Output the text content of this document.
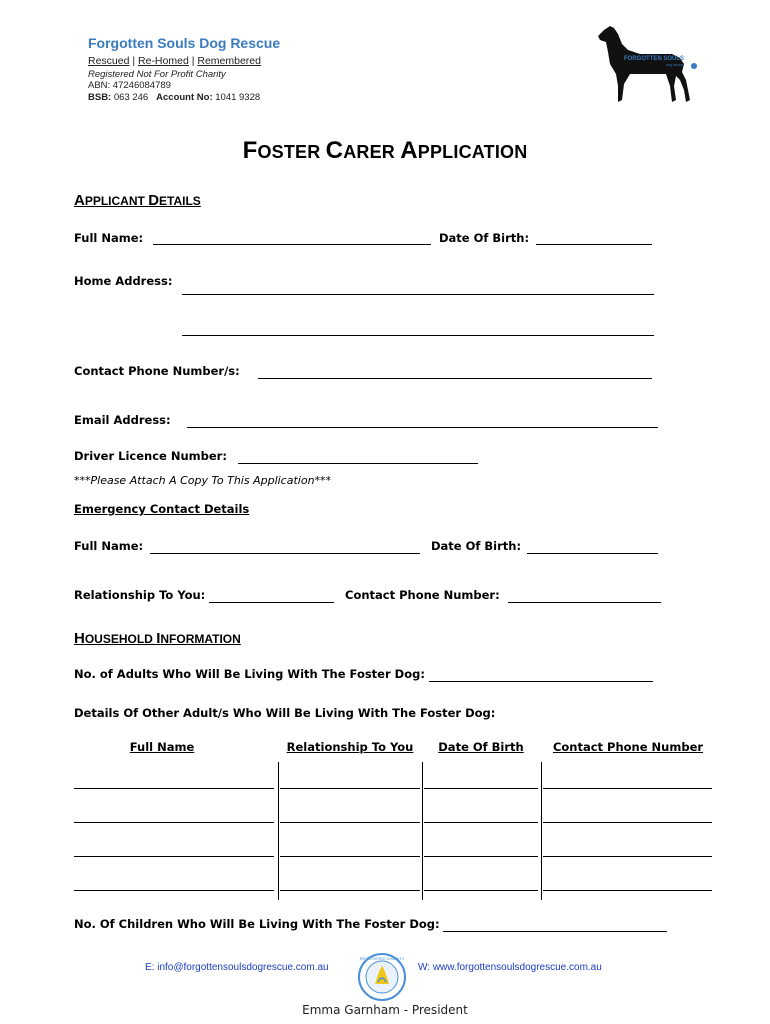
Forgotten Souls Dog Rescue
Rescued | Re-Homed | Remembered
Registered Not For Profit Charity
ABN: 47246084789
BSB: 063 246 Account No: 1041 9328
FORGOTTEN SOULS
dog rescue
FOSTER CARER APPLICATION
APPLICANT DETAILS
Full Name:	Date Of Birth:
Home Address:
Contact Phone Number/s:
Email Address:
Driver Licence Number:
***Please Attach A Copy To This Application***
Emergency Contact Details
Full Name:	Date Of Birth:
Relationship To You:	Contact Phone Number:
HOUSEHOLD INFORMATION
No. of Adults Who Will Be Living With The Foster Dog:
Details Of Other Adult/s Who Will Be Living With The Foster Dog:
Full Name	Relationship To You	Date Of Birth	Contact Phone Number
No. Of Children Who Will Be Living With The Foster Dog:
E: info@forgottensoulsdogrescue.com.au
REGISTERED CHARITY
W: www.forgottensoulsdogrescue.com.au
Emma Garnham - President
